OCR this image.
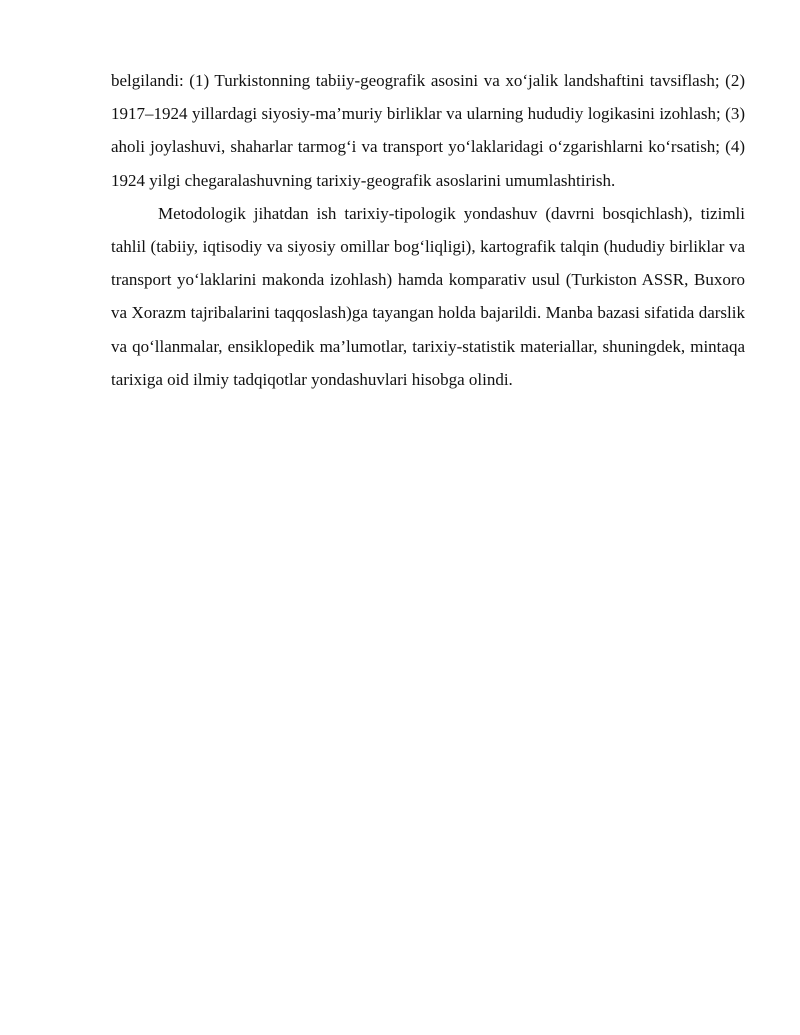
belgilandi: (1) Turkistonning tabiiy-geografik asosini va xo‘jalik landshaftini tavsiflash; (2) 1917–1924 yillardagi siyosiy-ma’muriy birliklar va ularning hududiy logikasini izohlash; (3) aholi joylashuvi, shaharlar tarmog‘i va transport yo‘laklaridagi o‘zgarishlarni ko‘rsatish; (4) 1924 yilgi chegaralashuvning tarixiy-geografik asoslarini umumlashtirish.

Metodologik jihatdan ish tarixiy-tipologik yondashuv (davrni bosqichlash), tizimli tahlil (tabiiy, iqtisodiy va siyosiy omillar bog‘liqligi), kartografik talqin (hududiy birliklar va transport yo‘laklarini makonda izohlash) hamda komparativ usul (Turkiston ASSR, Buxoro va Xorazm tajribalarini taqqoslash)ga tayangan holda bajarildi. Manba bazasi sifatida darslik va qo‘llanmalar, ensiklopedik ma’lumotlar, tarixiy-statistik materiallar, shuningdek, mintaqa tarixiga oid ilmiy tadqiqotlar yondashuvlari hisobga olindi.
